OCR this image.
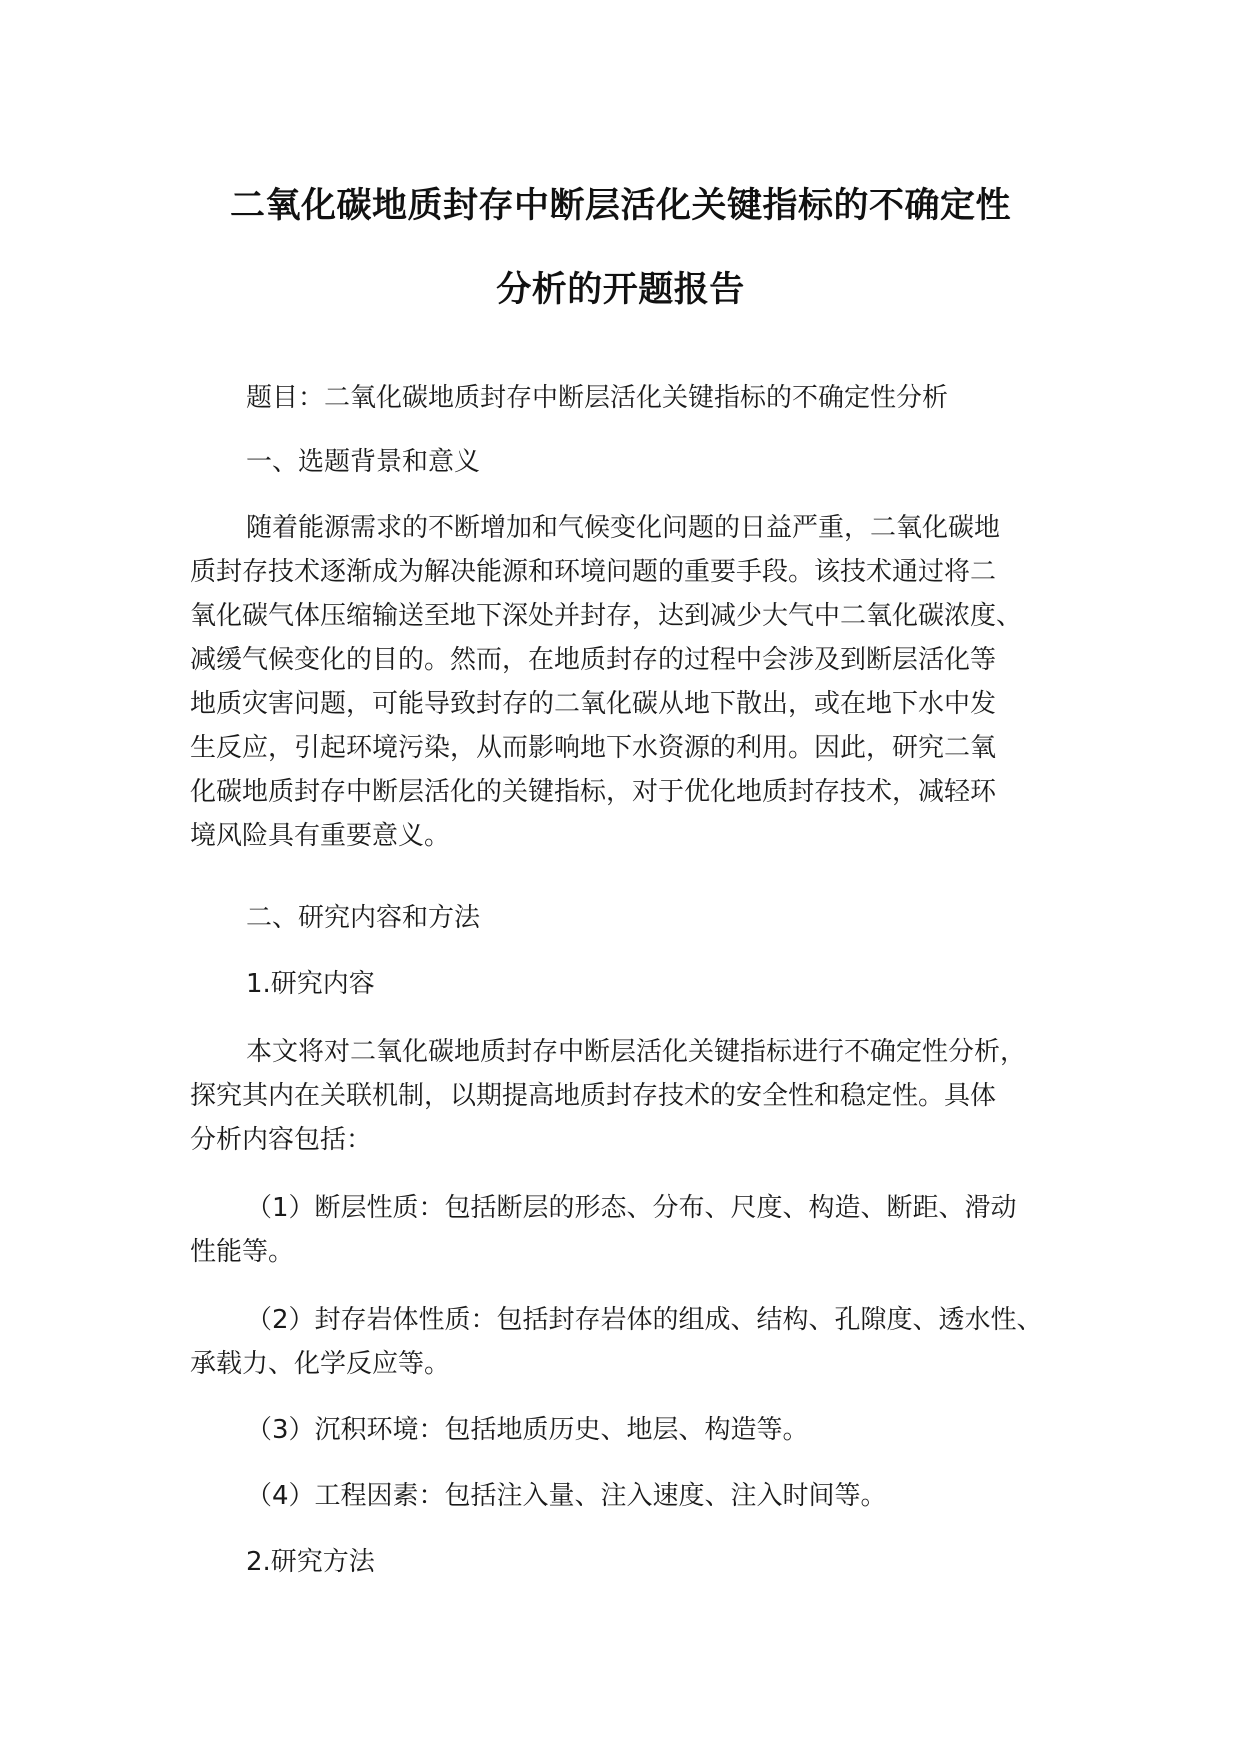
二氧化碳地质封存中断层活化关键指标的不确定性
分析的开题报告
题目：二氧化碳地质封存中断层活化关键指标的不确定性分析
一、选题背景和意义
随着能源需求的不断增加和气候变化问题的日益严重，二氧化碳地
质封存技术逐渐成为解决能源和环境问题的重要手段。该技术通过将二
氧化碳气体压缩输送至地下深处并封存，达到减少大气中二氧化碳浓度、
减缓气候变化的目的。然而，在地质封存的过程中会涉及到断层活化等
地质灾害问题，可能导致封存的二氧化碳从地下散出，或在地下水中发
生反应，引起环境污染，从而影响地下水资源的利用。因此，研究二氧
化碳地质封存中断层活化的关键指标，对于优化地质封存技术，减轻环
境风险具有重要意义。
二、研究内容和方法
1.研究内容
本文将对二氧化碳地质封存中断层活化关键指标进行不确定性分析，
探究其内在关联机制，以期提高地质封存技术的安全性和稳定性。具体
分析内容包括：
（1）断层性质：包括断层的形态、分布、尺度、构造、断距、滑动
性能等。
（2）封存岩体性质：包括封存岩体的组成、结构、孔隙度、透水性、
承载力、化学反应等。
（3）沉积环境：包括地质历史、地层、构造等。
（4）工程因素：包括注入量、注入速度、注入时间等。
2.研究方法
